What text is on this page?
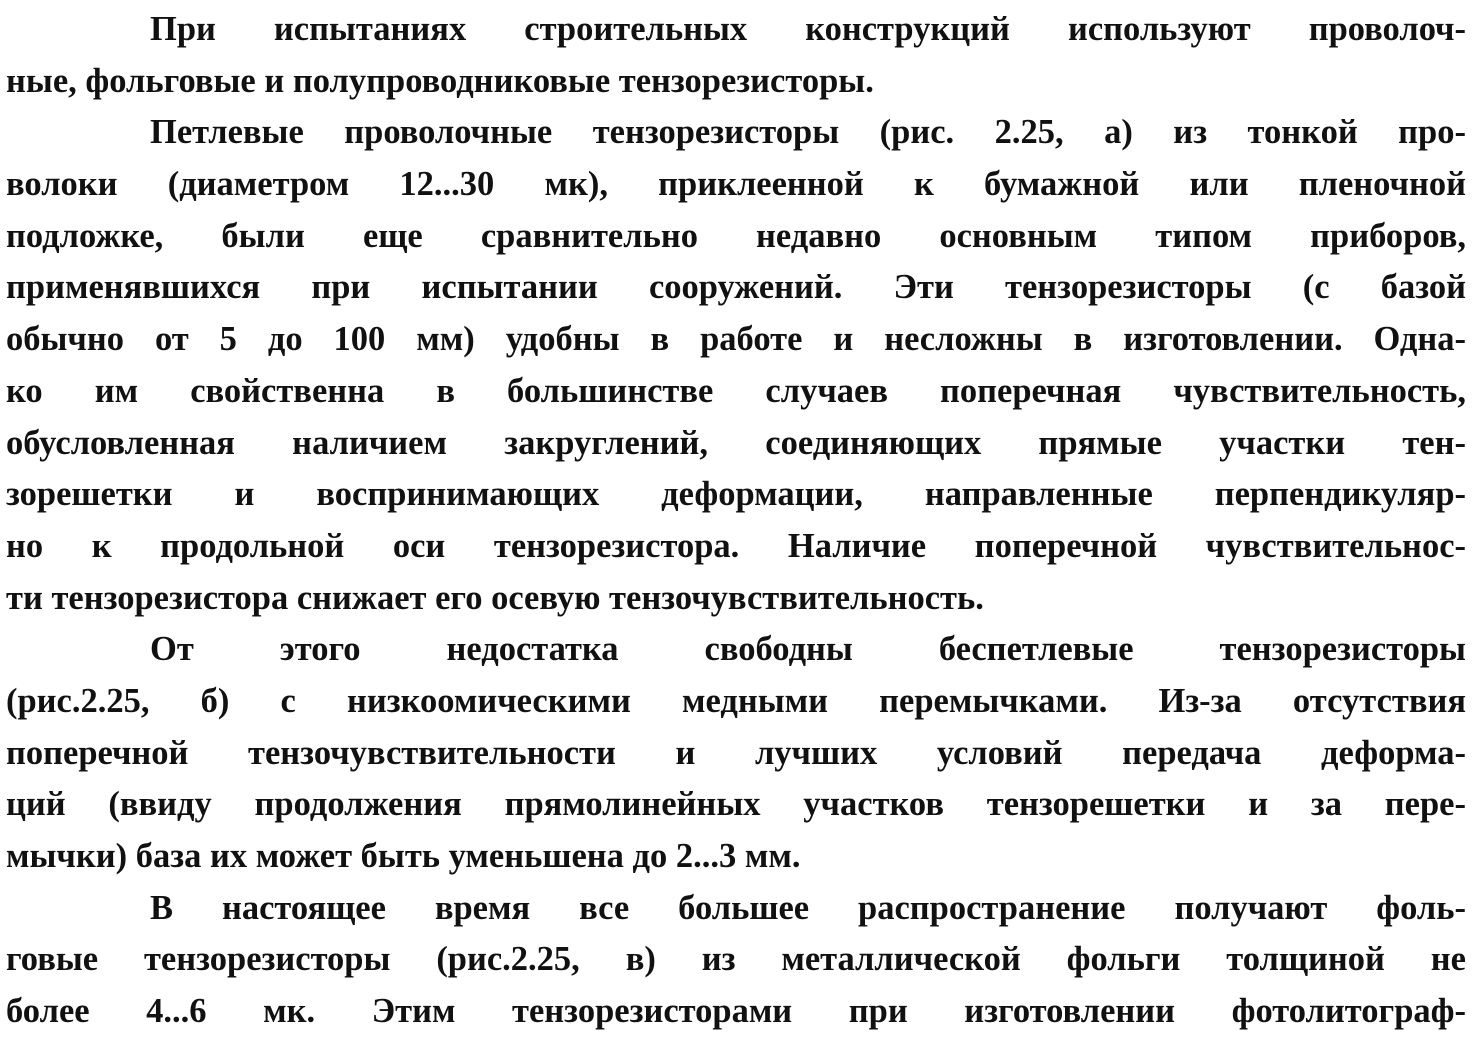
При испытаниях строительных конструкций используют проволоч-
ные, фольговые и полупроводниковые тензорезисторы.
Петлевые проволочные тензорезисторы (рис. 2.25, а) из тонкой про-
волоки (диаметром 12...30 мк), приклеенной к бумажной или пленочной
подложке, были еще сравнительно недавно основным типом приборов,
применявшихся при испытании сооружений. Эти тензорезисторы (с базой
обычно от 5 до 100 мм) удобны в работе и несложны в изготовлении. Одна-
ко им свойственна в большинстве случаев поперечная чувствительность,
обусловленная наличием закруглений, соединяющих прямые участки тен-
зорешетки и воспринимающих деформации, направленные перпендикуляр-
но к продольной оси тензорезистора. Наличие поперечной чувствительнос-
ти тензорезистора снижает его осевую тензочувствительность.
От этого недостатка свободны беспетлевые тензорезисторы
(рис.2.25, б) с низкоомическими медными перемычками. Из-за отсутствия
поперечной тензочувствительности и лучших условий передача деформа-
ций (ввиду продолжения прямолинейных участков тензорешетки и за пере-
мычки) база их может быть уменьшена до 2...3 мм.
В настоящее время все большее распространение получают фоль-
говые тензорезисторы (рис.2.25, в) из металлической фольги толщиной не
более 4...6 мк. Этим тензорезисторами при изготовлении фотолитограф-
